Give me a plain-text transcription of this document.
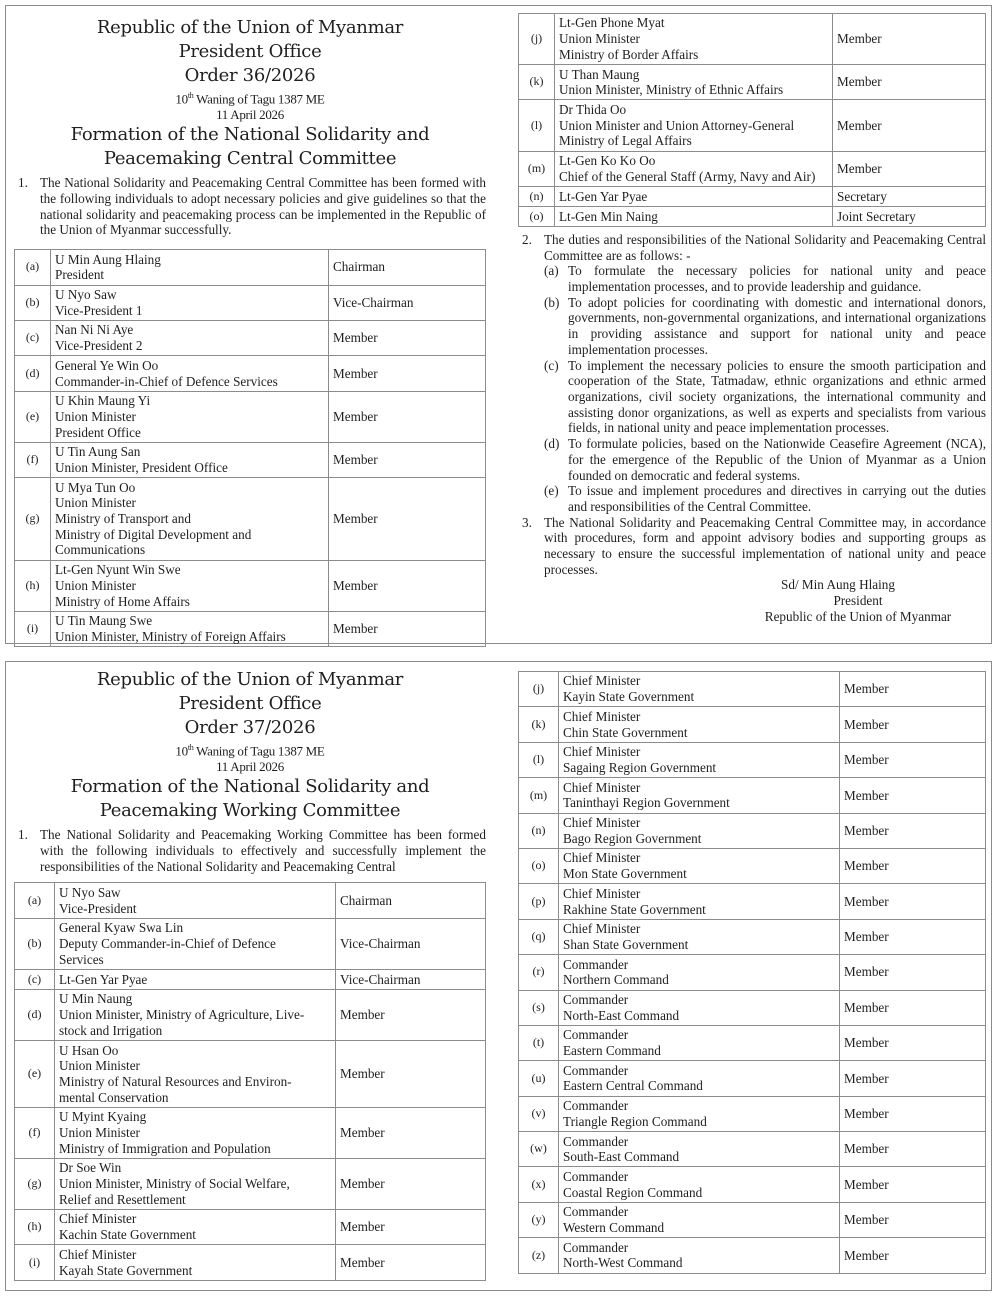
Republic of the Union of Myanmar
President Office
Order 36/2026
10th Waning of Tagu 1387 ME
11 April 2026
Formation of the National Solidarity and
Peacemaking Central Committee
1. The National Solidarity and Peacemaking Central Committee has been formed with the following individuals to adopt necessary policies and give guidelines so that the national solidarity and peacemaking process can be implemented in the Republic of the Union of Myanmar successfully.
(a)	U Min Aung Hlaing
President	Chairman
(b)	U Nyo Saw
Vice-President 1	Vice-Chairman
(c)	Nan Ni Ni Aye
Vice-President 2	Member
(d)	General Ye Win Oo
Commander-in-Chief of Defence Services	Member
(e)	U Khin Maung Yi
Union Minister
President Office	Member
(f)	U Tin Aung San
Union Minister, President Office	Member
(g)	U Mya Tun Oo
Union Minister
Ministry of Transport and
Ministry of Digital Development and
Communications	Member
(h)	Lt-Gen Nyunt Win Swe
Union Minister
Ministry of Home Affairs	Member
(i)	U Tin Maung Swe
Union Minister, Ministry of Foreign Affairs	Member
(j)	Lt-Gen Phone Myat
Union Minister
Ministry of Border Affairs	Member
(k)	U Than Maung
Union Minister, Ministry of Ethnic Affairs	Member
(l)	Dr Thida Oo
Union Minister and Union Attorney-General
Ministry of Legal Affairs	Member
(m)	Lt-Gen Ko Ko Oo
Chief of the General Staff (Army, Navy and Air)	Member
(n)	Lt-Gen Yar Pyae	Secretary
(o)	Lt-Gen Min Naing	Joint Secretary
2. The duties and responsibilities of the National Solidarity and Peacemaking Central Committee are as follows: -
(a) To formulate the necessary policies for national unity and peace implementation processes, and to provide leadership and guidance.
(b) To adopt policies for coordinating with domestic and international donors, governments, non-governmental organizations, and international organizations in providing assistance and support for national unity and peace implementation processes.
(c) To implement the necessary policies to ensure the smooth participation and cooperation of the State, Tatmadaw, ethnic organizations and ethnic armed organizations, civil society organizations, the international community and assisting donor organizations, as well as experts and specialists from various fields, in national unity and peace implementation processes.
(d) To formulate policies, based on the Nationwide Ceasefire Agreement (NCA), for the emergence of the Republic of the Union of Myanmar as a Union founded on democratic and federal systems.
(e) To issue and implement procedures and directives in carrying out the duties and responsibilities of the Central Committee.
3. The National Solidarity and Peacemaking Central Committee may, in accordance with procedures, form and appoint advisory bodies and supporting groups as necessary to ensure the successful implementation of national unity and peace processes.
Sd/ Min Aung Hlaing
President
Republic of the Union of Myanmar
Republic of the Union of Myanmar
President Office
Order 37/2026
10th Waning of Tagu 1387 ME
11 April 2026
Formation of the National Solidarity and
Peacemaking Working Committee
1. The National Solidarity and Peacemaking Working Committee has been formed with the following individuals to effectively and successfully implement the responsibilities of the National Solidarity and Peacemaking Central
(a)	U Nyo Saw
Vice-President	Chairman
(b)	General Kyaw Swa Lin
Deputy Commander-in-Chief of Defence
Services	Vice-Chairman
(c)	Lt-Gen Yar Pyae	Vice-Chairman
(d)	U Min Naung
Union Minister, Ministry of Agriculture, Live-
stock and Irrigation	Member
(e)	U Hsan Oo
Union Minister
Ministry of Natural Resources and Environ-
mental Conservation	Member
(f)	U Myint Kyaing
Union Minister
Ministry of Immigration and Population	Member
(g)	Dr Soe Win
Union Minister, Ministry of Social Welfare,
Relief and Resettlement	Member
(h)	Chief Minister
Kachin State Government	Member
(i)	Chief Minister
Kayah State Government	Member
(j)	Chief Minister
Kayin State Government	Member
(k)	Chief Minister
Chin State Government	Member
(l)	Chief Minister
Sagaing Region Government	Member
(m)	Chief Minister
Taninthayi Region Government	Member
(n)	Chief Minister
Bago Region Government	Member
(o)	Chief Minister
Mon State Government	Member
(p)	Chief Minister
Rakhine State Government	Member
(q)	Chief Minister
Shan State Government	Member
(r)	Commander
Northern Command	Member
(s)	Commander
North-East Command	Member
(t)	Commander
Eastern Command	Member
(u)	Commander
Eastern Central Command	Member
(v)	Commander
Triangle Region Command	Member
(w)	Commander
South-East Command	Member
(x)	Commander
Coastal Region Command	Member
(y)	Commander
Western Command	Member
(z)	Commander
North-West Command	Member
